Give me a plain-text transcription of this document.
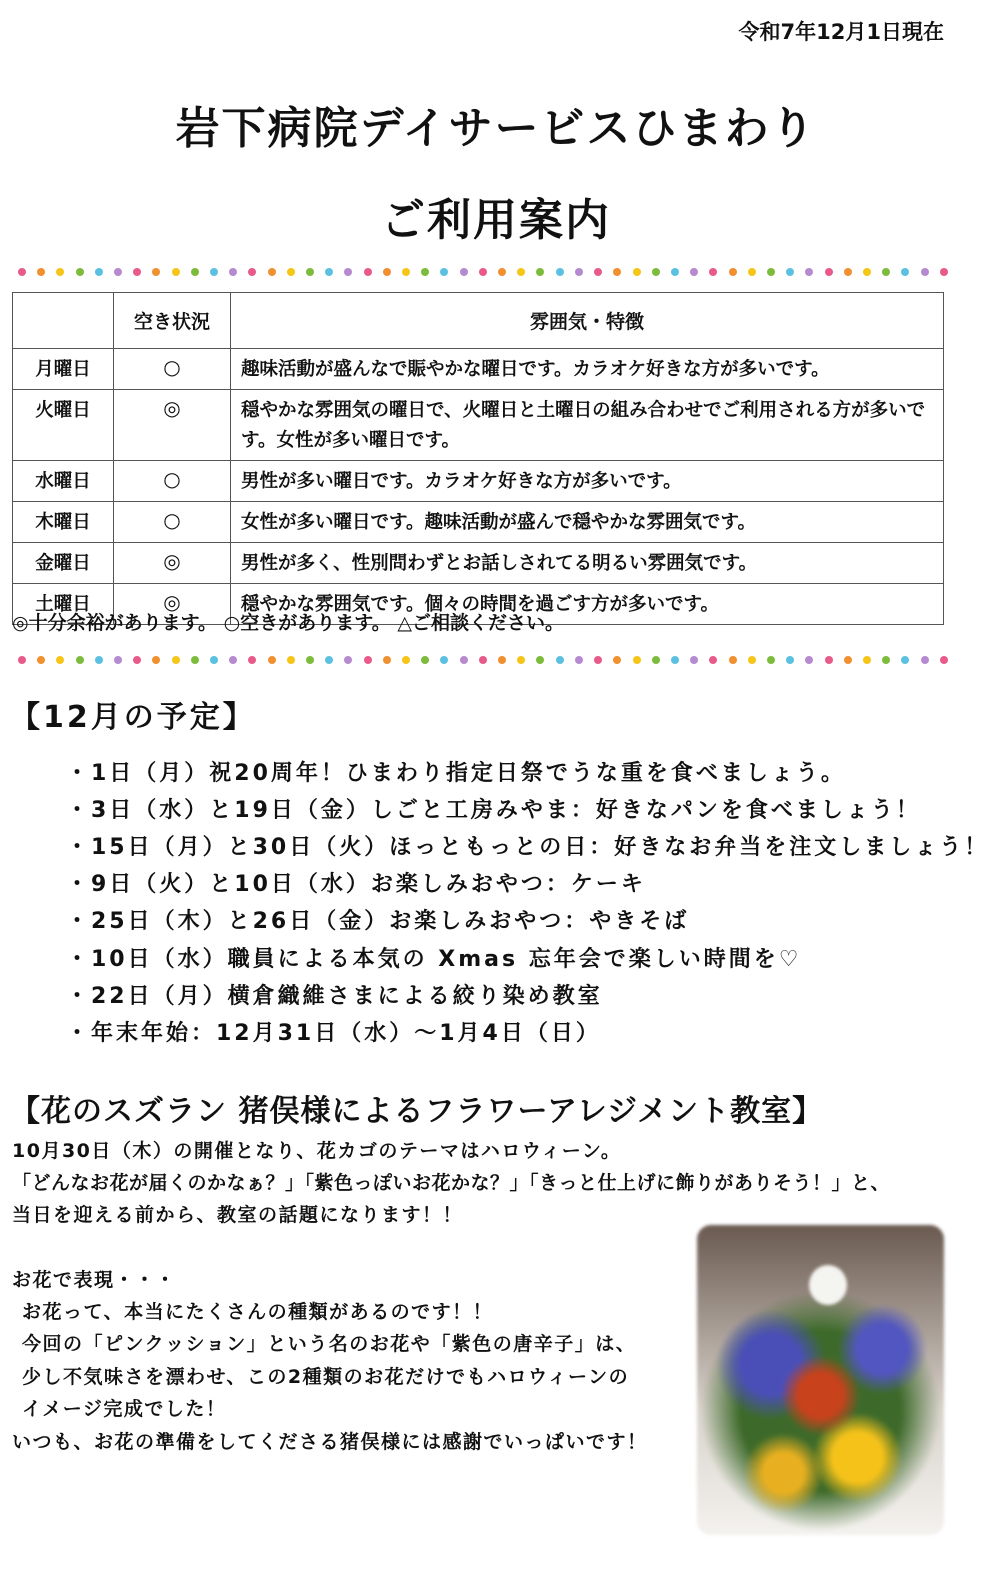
令和7年12月1日現在
岩下病院デイサービスひまわり
ご利用案内
	空き状況	雰囲気・特徴
月曜日	○	趣味活動が盛んなで賑やかな曜日です。カラオケ好きな方が多いです。
火曜日	◎	穏やかな雰囲気の曜日で、火曜日と土曜日の組み合わせでご利用される方が多いです。女性が多い曜日です。
水曜日	○	男性が多い曜日です。カラオケ好きな方が多いです。
木曜日	○	女性が多い曜日です。趣味活動が盛んで穏やかな雰囲気です。
金曜日	◎	男性が多く、性別問わずとお話しされてる明るい雰囲気です。
土曜日	◎	穏やかな雰囲気です。個々の時間を過ごす方が多いです。
◎十分余裕があります。 ○空きがあります。 △ご相談ください。
【12月の予定】
・1日（月）祝20周年！ひまわり指定日祭でうな重を食べましょう。
・3日（水）と19日（金）しごと工房みやま：好きなパンを食べましょう！
・15日（月）と30日（火）ほっともっとの日：好きなお弁当を注文しましょう！
・9日（火）と10日（水）お楽しみおやつ：ケーキ
・25日（木）と26日（金）お楽しみおやつ：やきそば
・10日（水）職員による本気の Xmas 忘年会で楽しい時間を♡
・22日（月）横倉織維さまによる絞り染め教室
・年末年始：12月31日（水）～1月4日（日）
【花のスズラン 猪俣様によるフラワーアレジメント教室】
10月30日（木）の開催となり、花カゴのテーマはハロウィーン。
「どんなお花が届くのかなぁ？」「紫色っぽいお花かな？」「きっと仕上げに飾りがありそう！」と、
当日を迎える前から、教室の話題になります！！
お花で表現・・・
お花って、本当にたくさんの種類があるのです！！
今回の「ピンクッション」という名のお花や「紫色の唐辛子」は、
少し不気味さを漂わせ、この2種類のお花だけでもハロウィーンの
イメージ完成でした！
いつも、お花の準備をしてくださる猪俣様には感謝でいっぱいです！
